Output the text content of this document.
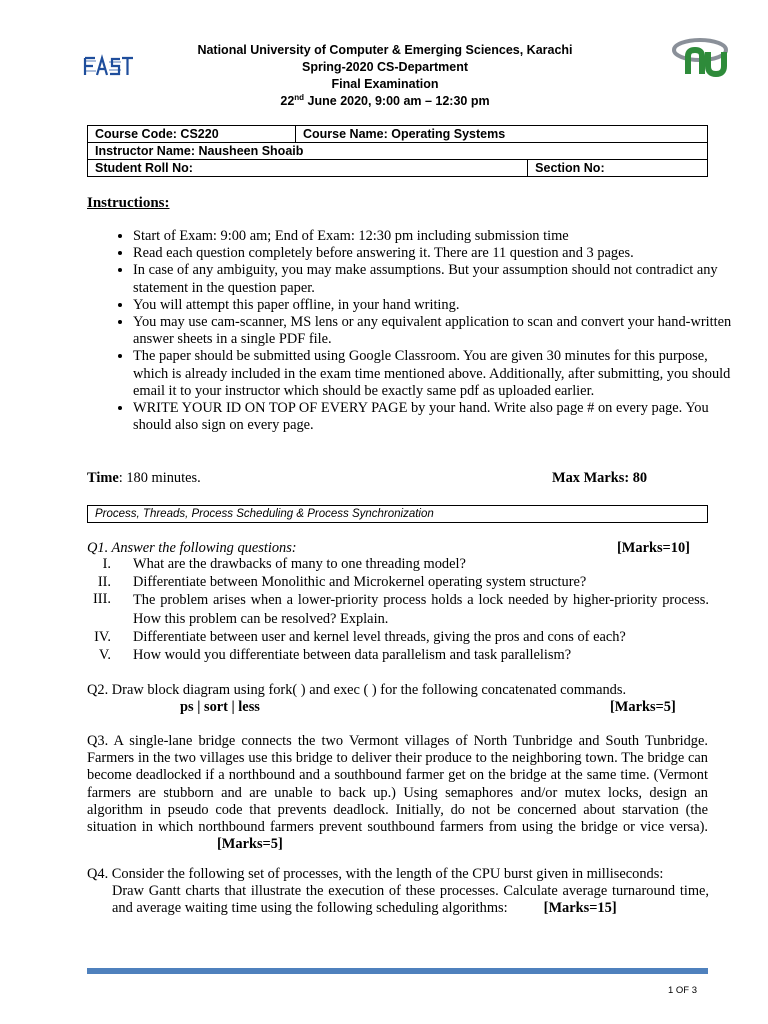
National University of Computer & Emerging Sciences, Karachi
Spring-2020 CS-Department
Final Examination
22nd June 2020, 9:00 am – 12:30 pm
Course Code: CS220	Course Name: Operating Systems	
Instructor Name: Nausheen Shoaib		
Student Roll No:		Section No:
Instructions:
• Start of Exam: 9:00 am; End of Exam: 12:30 pm including submission time
• Read each question completely before answering it. There are 11 question and 3 pages.
• In case of any ambiguity, you may make assumptions. But your assumption should not contradict any statement in the question paper.
• You will attempt this paper offline, in your hand writing.
• You may use cam-scanner, MS lens or any equivalent application to scan and convert your hand-written answer sheets in a single PDF file.
• The paper should be submitted using Google Classroom. You are given 30 minutes for this purpose, which is already included in the exam time mentioned above. Additionally, after submitting, you should email it to your instructor which should be exactly same pdf as uploaded earlier.
• WRITE YOUR ID ON TOP OF EVERY PAGE by your hand. Write also page # on every page. You should also sign on every page.
Time: 180 minutes.	Max Marks: 80
Process, Threads, Process Scheduling & Process Synchronization
Q1. Answer the following questions:	[Marks=10]
I.	What are the drawbacks of many to one threading model?
II.	Differentiate between Monolithic and Microkernel operating system structure?
III.	The problem arises when a lower-priority process holds a lock needed by higher-priority process. How this problem can be resolved? Explain.
IV.	Differentiate between user and kernel level threads, giving the pros and cons of each?
V.	How would you differentiate between data parallelism and task parallelism?
Q2. Draw block diagram using fork( ) and exec ( ) for the following concatenated commands.
ps | sort | less	[Marks=5]
Q3. A single-lane bridge connects the two Vermont villages of North Tunbridge and South Tunbridge. Farmers in the two villages use this bridge to deliver their produce to the neighboring town. The bridge can become deadlocked if a northbound and a southbound farmer get on the bridge at the same time. (Vermont farmers are stubborn and are unable to back up.) Using semaphores and/or mutex locks, design an algorithm in pseudo code that prevents deadlock. Initially, do not be concerned about starvation (the situation in which northbound farmers prevent southbound farmers from using the bridge or vice versa).[Marks=5]
Q4. Consider the following set of processes, with the length of the CPU burst given in milliseconds:
Draw Gantt charts that illustrate the execution of these processes. Calculate average turnaround time, and average waiting time using the following scheduling algorithms:	[Marks=15]
1 OF 3
